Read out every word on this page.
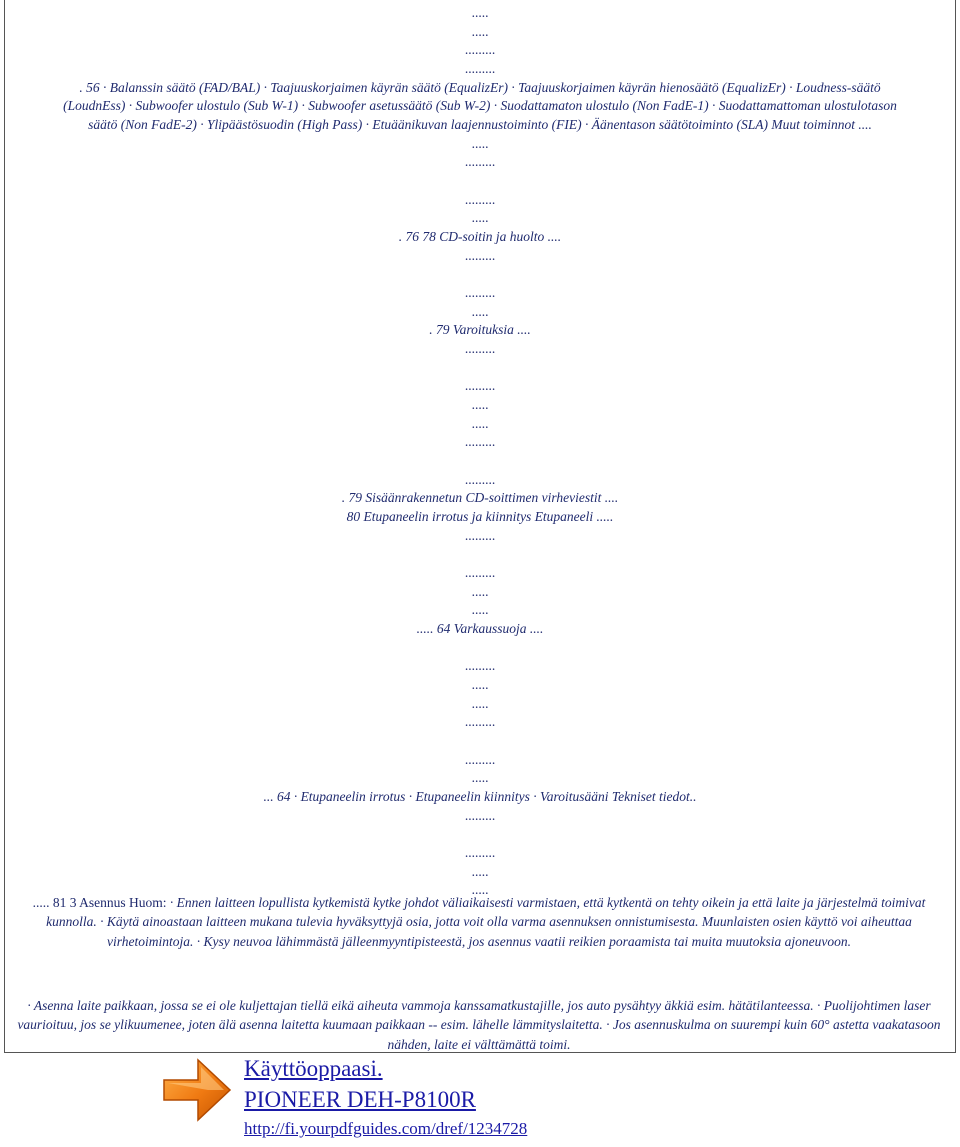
.....
.....
.........
.........
. 56 · Balanssin säätö (FAD/BAL) · Taajuuskorjaimen käyrän säätö (EqualizEr) · Taajuuskorjaimen käyrän hienosäätö (EqualizEr) · Loudness-säätö
(LoudnEss) · Subwoofer ulostulo (Sub W-1) · Subwoofer asetussäätö (Sub W-2) · Suodattamaton ulostulo (Non FadE-1) · Suodattamattoman ulostulotason
säätö (Non FadE-2) · Ylipäästösuodin (High Pass) · Etuäänikuvan laajennustoiminto (FIE) · Äänentason säätötoiminto (SLA) Muut toiminnot ....
.....
.........
.........
.....
. 76 78 CD-soitin ja huolto ....
.........
.........
.....
. 79 Varoituksia ....
.........
.........
.....
.....
.........
.........
. 79 Sisäänrakennetun CD-soittimen virheviestit ....
80 Etupaneelin irrotus ja kiinnitys Etupaneeli .....
.........
.........
.....
.....
..... 64 Varkaussuoja ....
.........
.....
.....
.........
.........
.....
... 64 · Etupaneelin irrotus · Etupaneelin kiinnitys · Varoitusääni Tekniset tiedot..
.........
.........
.....
.....
..... 81 3 Asennus Huom: · Ennen laitteen lopullista kytkemistä kytke johdot väliaikaisesti varmistaen, että kytkentä on tehty oikein ja että laite ja järjestelmä toimivat kunnolla. · Käytä ainoastaan laitteen mukana tulevia hyväksyttyjä osia, jotta voit olla varma asennuksen onnistumisesta. Muunlaisten osien käyttö voi aiheuttaa virhetoimintoja. · Kysy neuvoa lähimmästä jälleenmyyntipisteestä, jos asennus vaatii reikien poraamista tai muita muutoksia ajoneuvoon.
· Asenna laite paikkaan, jossa se ei ole kuljettajan tiellä eikä aiheuta vammoja kanssamatkustajille, jos auto pysähtyy äkkiä esim. hätätilanteessa. · Puolijohtimen laser vaurioituu, jos se ylikuumenee, joten älä asenna laitetta kuumaan paikkaan -- esim. lähelle lämmityslaitetta. · Jos asennuskulma on suurempi kuin 60° astetta vaakatasoon nähden, laite ei välttämättä toimi.
Käyttöoppaasi.
PIONEER DEH-P8100R
http://fi.yourpdfguides.com/dref/1234728
